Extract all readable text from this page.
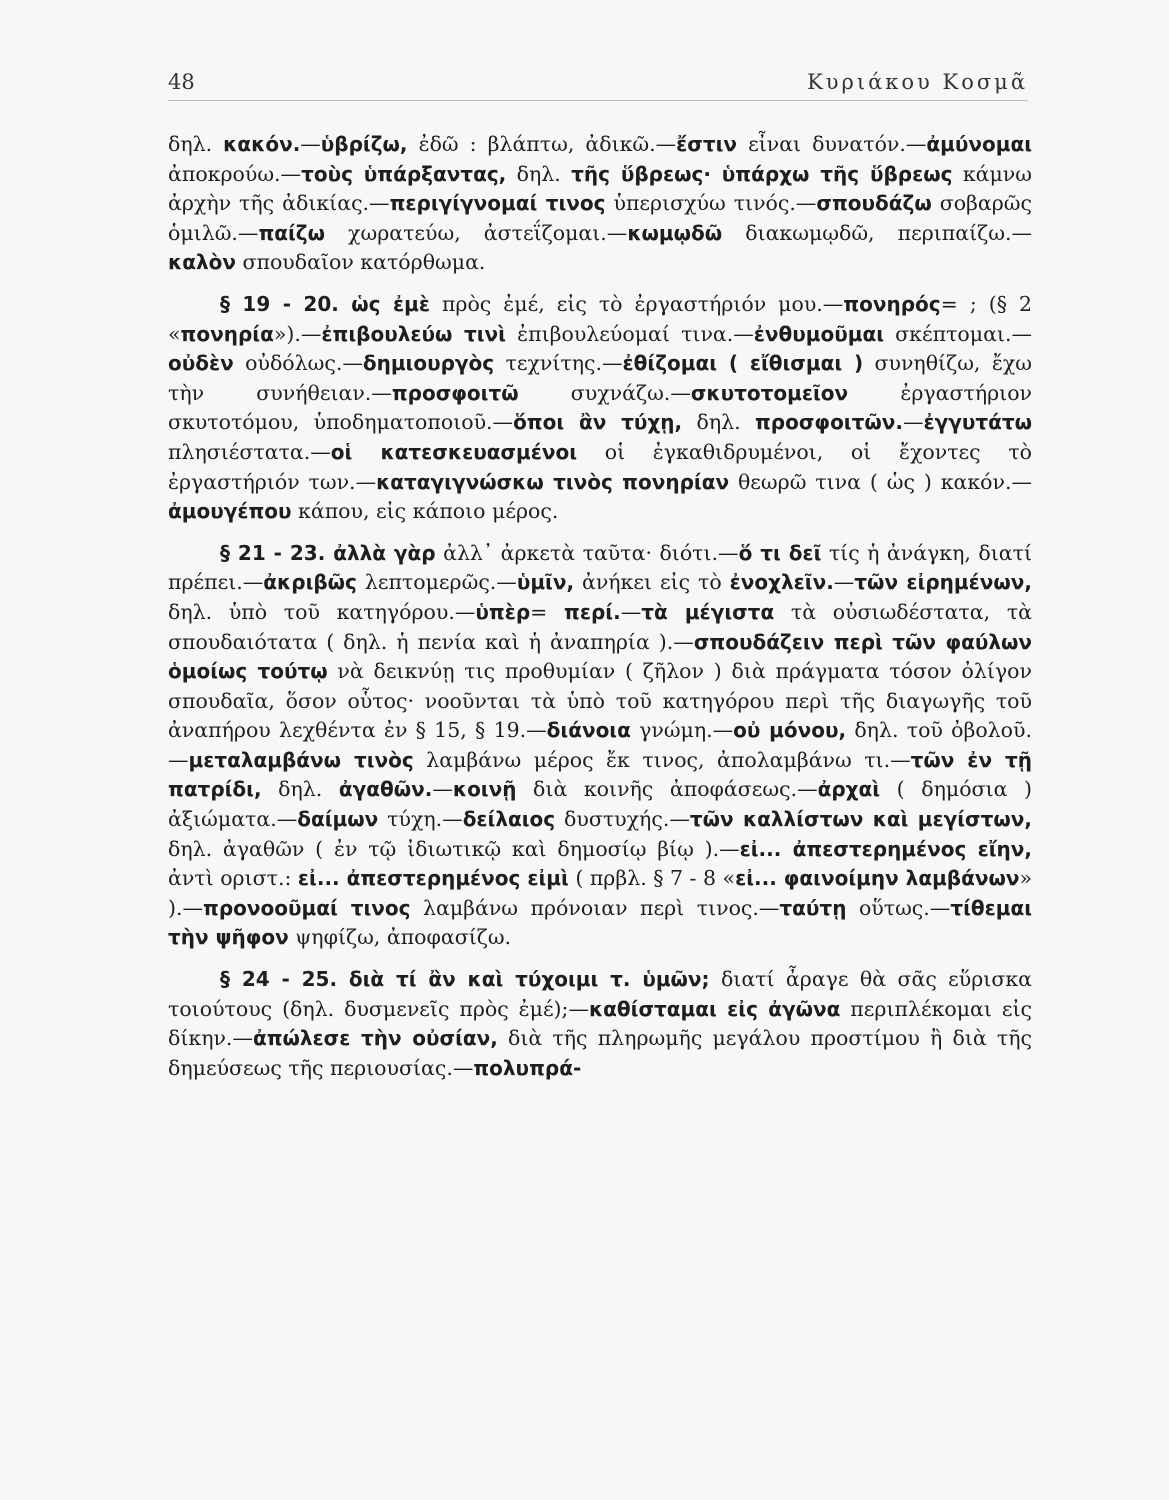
48	Κυριάκου Κοσμᾶ

δηλ. κακόν.—ὑβρίζω, ἐδῶ : βλάπτω, ἀδικῶ.—ἔστιν εἶναι δυνατόν.—ἀμύνομαι ἀποκρούω.—τοὺς ὑπάρξαντας, δηλ. τῆς ὕβρεως· ὑπάρχω τῆς ὕβρεως κάμνω ἀρχὴν τῆς ἀδικίας.—περιγίγνομαί τινος ὑπερισχύω τινός.—σπουδάζω σοβαρῶς ὁμιλῶ.—παίζω χωρατεύω, ἀστεΐζομαι.—κωμῳδῶ διακωμῳδῶ, περιπαίζω.—καλὸν σπουδαῖον κατόρθωμα.

§ 19 - 20. ὡς ἐμὲ πρὸς ἐμέ, εἰς τὸ ἐργαστήριόν μου.—πονηρός= ; (§ 2 «πονηρία»).—ἐπιβουλεύω τινὶ ἐπιβουλεύομαί τινα.—ἐνθυμοῦμαι σκέπτομαι.—οὐδὲν οὐδόλως.—δημιουργὸς τεχνίτης.—ἐθίζομαι ( εἴθισμαι ) συνηθίζω, ἔχω τὴν συνήθειαν.—προσφοιτῶ συχνάζω.—σκυτοτομεῖον ἐργαστήριον σκυτοτόμου, ὑποδηματοποιοῦ.—ὅποι ἂν τύχῃ, δηλ. προσφοιτῶν.—ἐγγυτάτω πλησιέστατα.—οἱ κατεσκευασμένοι οἱ ἐγκαθιδρυμένοι, οἱ ἔχοντες τὸ ἐργαστήριόν των.—καταγιγνώσκω τινὸς πονηρίαν θεωρῶ τινα ( ὡς ) κακόν.—ἀμουγέπου κάπου, εἰς κάποιο μέρος.

§ 21 - 23. ἀλλὰ γὰρ ἀλλ᾽ ἀρκετὰ ταῦτα· διότι.—ὅ τι δεῖ τίς ἡ ἀνάγκη, διατί πρέπει.—ἀκριβῶς λεπτομερῶς.—ὑμῖν, ἀνήκει εἰς τὸ ἐνοχλεῖν.—τῶν εἰρημένων, δηλ. ὑπὸ τοῦ κατηγόρου.—ὑπὲρ= περί.—τὰ μέγιστα τὰ οὐσιωδέστατα, τὰ σπουδαιότατα ( δηλ. ἡ πενία καὶ ἡ ἀναπηρία ).—σπουδάζειν περὶ τῶν φαύλων ὁμοίως τούτῳ νὰ δεικνύῃ τις προθυμίαν ( ζῆλον ) διὰ πράγματα τόσον ὀλίγον σπουδαῖα, ὅσον οὗτος· νοοῦνται τὰ ὑπὸ τοῦ κατηγόρου περὶ τῆς διαγωγῆς τοῦ ἀναπήρου λεχθέντα ἐν § 15, § 19.—διάνοια γνώμη.—οὐ μόνου, δηλ. τοῦ ὀβολοῦ.—μεταλαμβάνω τινὸς λαμβάνω μέρος ἔκ τινος, ἀπολαμβάνω τι.—τῶν ἐν τῇ πατρίδι, δηλ. ἀγαθῶν.—κοινῇ διὰ κοινῆς ἀποφάσεως.—ἀρχαὶ ( δημόσια ) ἀξιώματα.—δαίμων τύχη.—δείλαιος δυστυχής.—τῶν καλλίστων καὶ μεγίστων, δηλ. ἀγαθῶν ( ἐν τῷ ἰδιωτικῷ καὶ δημοσίῳ βίῳ ).—εἰ... ἀπεστερημένος εἴην, ἀντὶ οριστ.: εἰ... ἀπεστερημένος εἰμὶ ( πρβλ. § 7 - 8 «εἰ... φαινοίμην λαμβάνων» ).—προνοοῦμαί τινος λαμβάνω πρόνοιαν περὶ τινος.—ταύτῃ οὕτως.—τίθεμαι τὴν ψῆφον ψηφίζω, ἀποφασίζω.

§ 24 - 25. διὰ τί ἂν καὶ τύχοιμι τ. ὑμῶν; διατί ἆραγε θὰ σᾶς εὕρισκα τοιούτους (δηλ. δυσμενεῖς πρὸς ἐμέ);—καθίσταμαι εἰς ἀγῶνα περιπλέκομαι εἰς δίκην.—ἀπώλεσε τὴν οὐσίαν, διὰ τῆς πληρωμῆς μεγάλου προστίμου ἢ διὰ τῆς δημεύσεως τῆς περιουσίας.—πολυπρά-
